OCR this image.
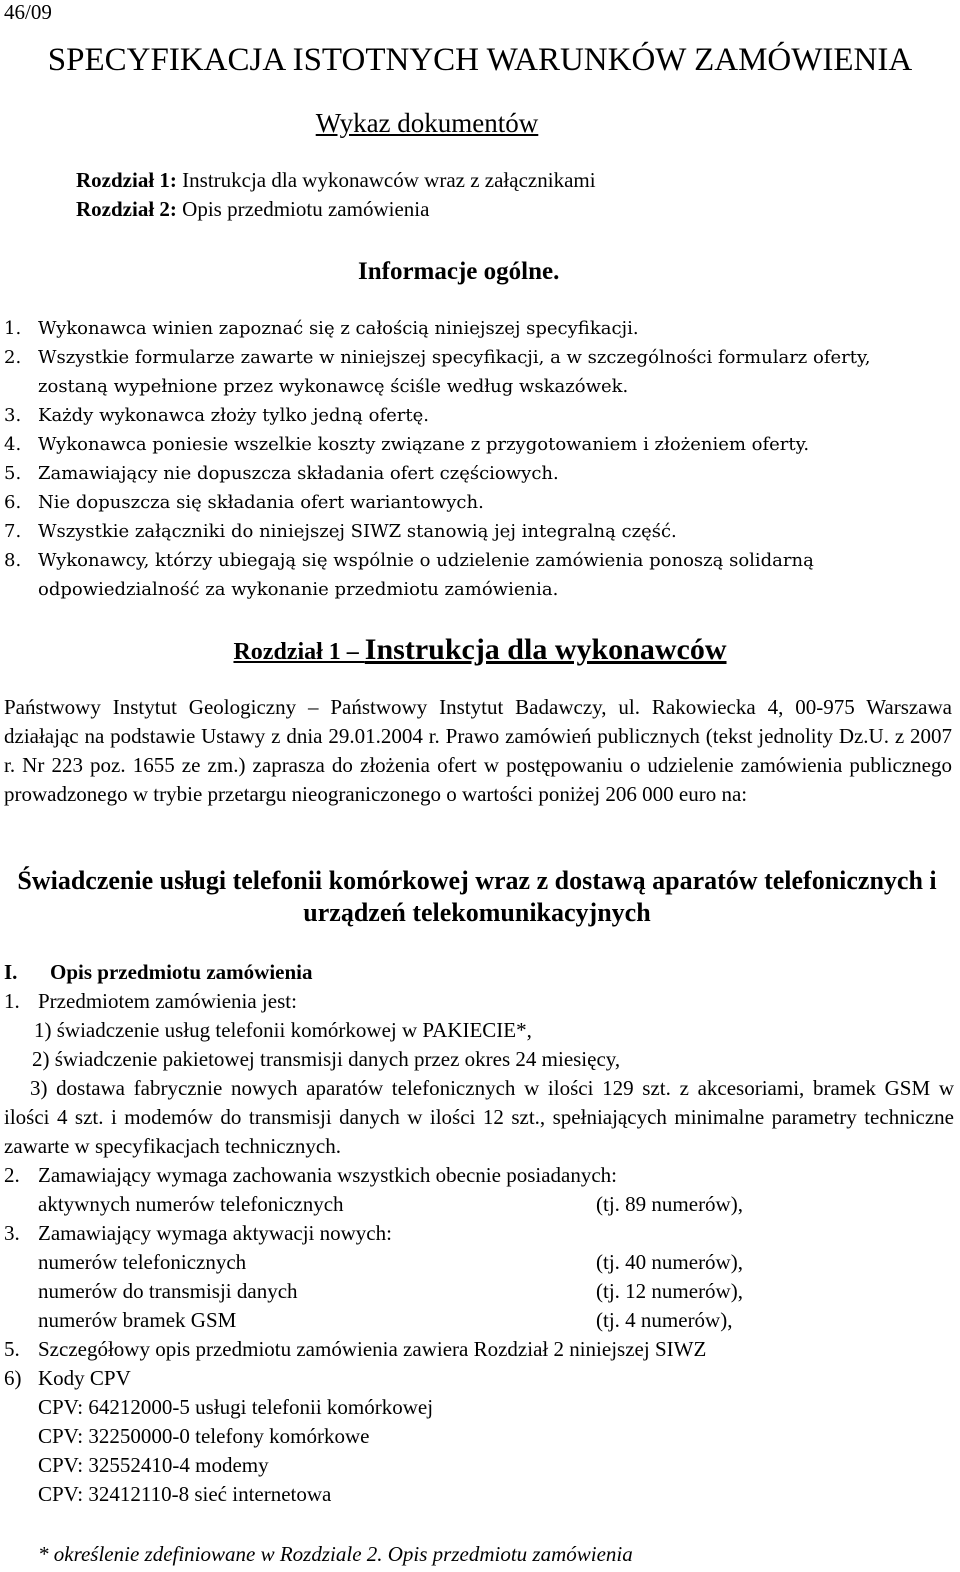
46/09
SPECYFIKACJA ISTOTNYCH WARUNKÓW ZAMÓWIENIA
Wykaz dokumentów
Rozdział 1: Instrukcja dla wykonawców wraz z załącznikami
Rozdział 2: Opis przedmiotu zamówienia
Informacje ogólne.
1. Wykonawca winien zapoznać się z całością niniejszej specyfikacji.
2. Wszystkie formularze zawarte w niniejszej specyfikacji, a w szczególności formularz oferty, zostaną wypełnione przez wykonawcę ściśle według wskazówek.
3. Każdy wykonawca złoży tylko jedną ofertę.
4. Wykonawca poniesie wszelkie koszty związane z przygotowaniem i złożeniem oferty.
5. Zamawiający nie dopuszcza składania ofert częściowych.
6. Nie dopuszcza się składania ofert wariantowych.
7. Wszystkie załączniki do niniejszej SIWZ stanowią jej integralną część.
8. Wykonawcy, którzy ubiegają się wspólnie o udzielenie zamówienia ponoszą solidarną odpowiedzialność za wykonanie przedmiotu zamówienia.
Rozdział 1 – Instrukcja dla wykonawców
Państwowy Instytut Geologiczny – Państwowy Instytut Badawczy, ul. Rakowiecka 4, 00-975 Warszawa działając na podstawie Ustawy z dnia 29.01.2004 r. Prawo zamówień publicznych (tekst jednolity Dz.U. z 2007 r. Nr 223 poz. 1655 ze zm.) zaprasza do złożenia ofert w postępowaniu o udzielenie zamówienia publicznego prowadzonego w trybie przetargu nieograniczonego o wartości poniżej 206 000 euro na:
Świadczenie usługi telefonii komórkowej wraz z dostawą aparatów telefonicznych i urządzeń telekomunikacyjnych
I. Opis przedmiotu zamówienia
1. Przedmiotem zamówienia jest:
1) świadczenie usług telefonii komórkowej w PAKIECIE*,
2) świadczenie pakietowej transmisji danych przez okres 24 miesięcy,
3) dostawa fabrycznie nowych aparatów telefonicznych w ilości 129 szt. z akcesoriami, bramek GSM w ilości 4 szt. i modemów do transmisji danych w ilości 12 szt., spełniających minimalne parametry techniczne zawarte w specyfikacjach technicznych.
2. Zamawiający wymaga zachowania wszystkich obecnie posiadanych:
aktywnych numerów telefonicznych	(tj. 89 numerów),
3. Zamawiający wymaga aktywacji nowych:
numerów telefonicznych	(tj. 40 numerów),
numerów do transmisji danych	(tj. 12 numerów),
numerów bramek GSM	(tj. 4 numerów),
5. Szczegółowy opis przedmiotu zamówienia zawiera Rozdział 2 niniejszej SIWZ
6) Kody CPV
CPV: 64212000-5 usługi telefonii komórkowej
CPV: 32250000-0 telefony komórkowe
CPV: 32552410-4 modemy
CPV: 32412110-8 sieć internetowa
* określenie zdefiniowane w Rozdziale 2. Opis przedmiotu zamówienia
